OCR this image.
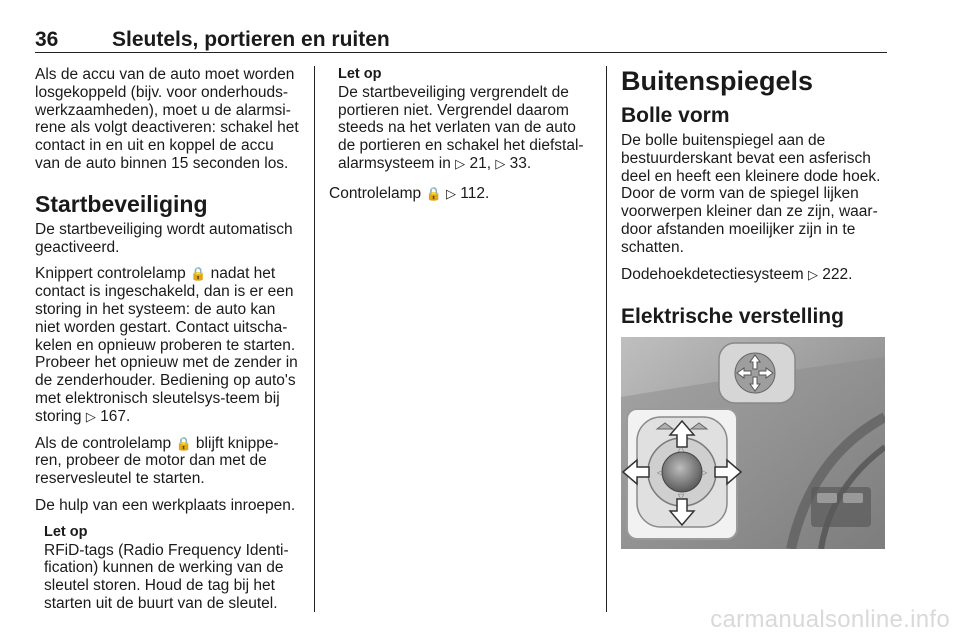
36	Sleutels, portieren en ruiten

Als de accu van de auto moet worden losgekoppeld (bijv. voor onderhouds-werkzaamheden), moet u de alarmsi-rene als volgt deactiveren: schakel het contact in en uit en koppel de accu van de auto binnen 15 seconden los.

Startbeveiliging

De startbeveiliging wordt automatisch geactiveerd.

Knippert controlelamp 🔒 nadat het contact is ingeschakeld, dan is er een storing in het systeem: de auto kan niet worden gestart. Contact uitscha-kelen en opnieuw proberen te starten. Probeer het opnieuw met de zender in de zenderhouder. Bediening op auto's met elektronisch sleutelsys-teem bij storing ▷ 167.

Als de controlelamp 🔒 blijft knippe-ren, probeer de motor dan met de reservesleutel te starten.

De hulp van een werkplaats inroepen.

Let op
RFiD-tags (Radio Frequency Identi-fication) kunnen de werking van de sleutel storen. Houd de tag bij het starten uit de buurt van de sleutel.
Let op
De startbeveiliging vergrendelt de portieren niet. Vergrendel daarom steeds na het verlaten van de auto de portieren en schakel het diefstal-alarmsysteem in ▷ 21, ▷ 33.

Controlelamp 🔒 ▷ 112.

Buitenspiegels
Bolle vorm

De bolle buitenspiegel aan de bestuurderskant bevat een asferisch deel en heeft een kleinere dode hoek. Door de vorm van de spiegel lijken voorwerpen kleiner dan ze zijn, waar-door afstanden moeilijker zijn in te schatten.

Dodehoekdetectiesysteem ▷ 222.

Elektrische verstelling
△
▽
◁	▷
carmanualsonline.info
